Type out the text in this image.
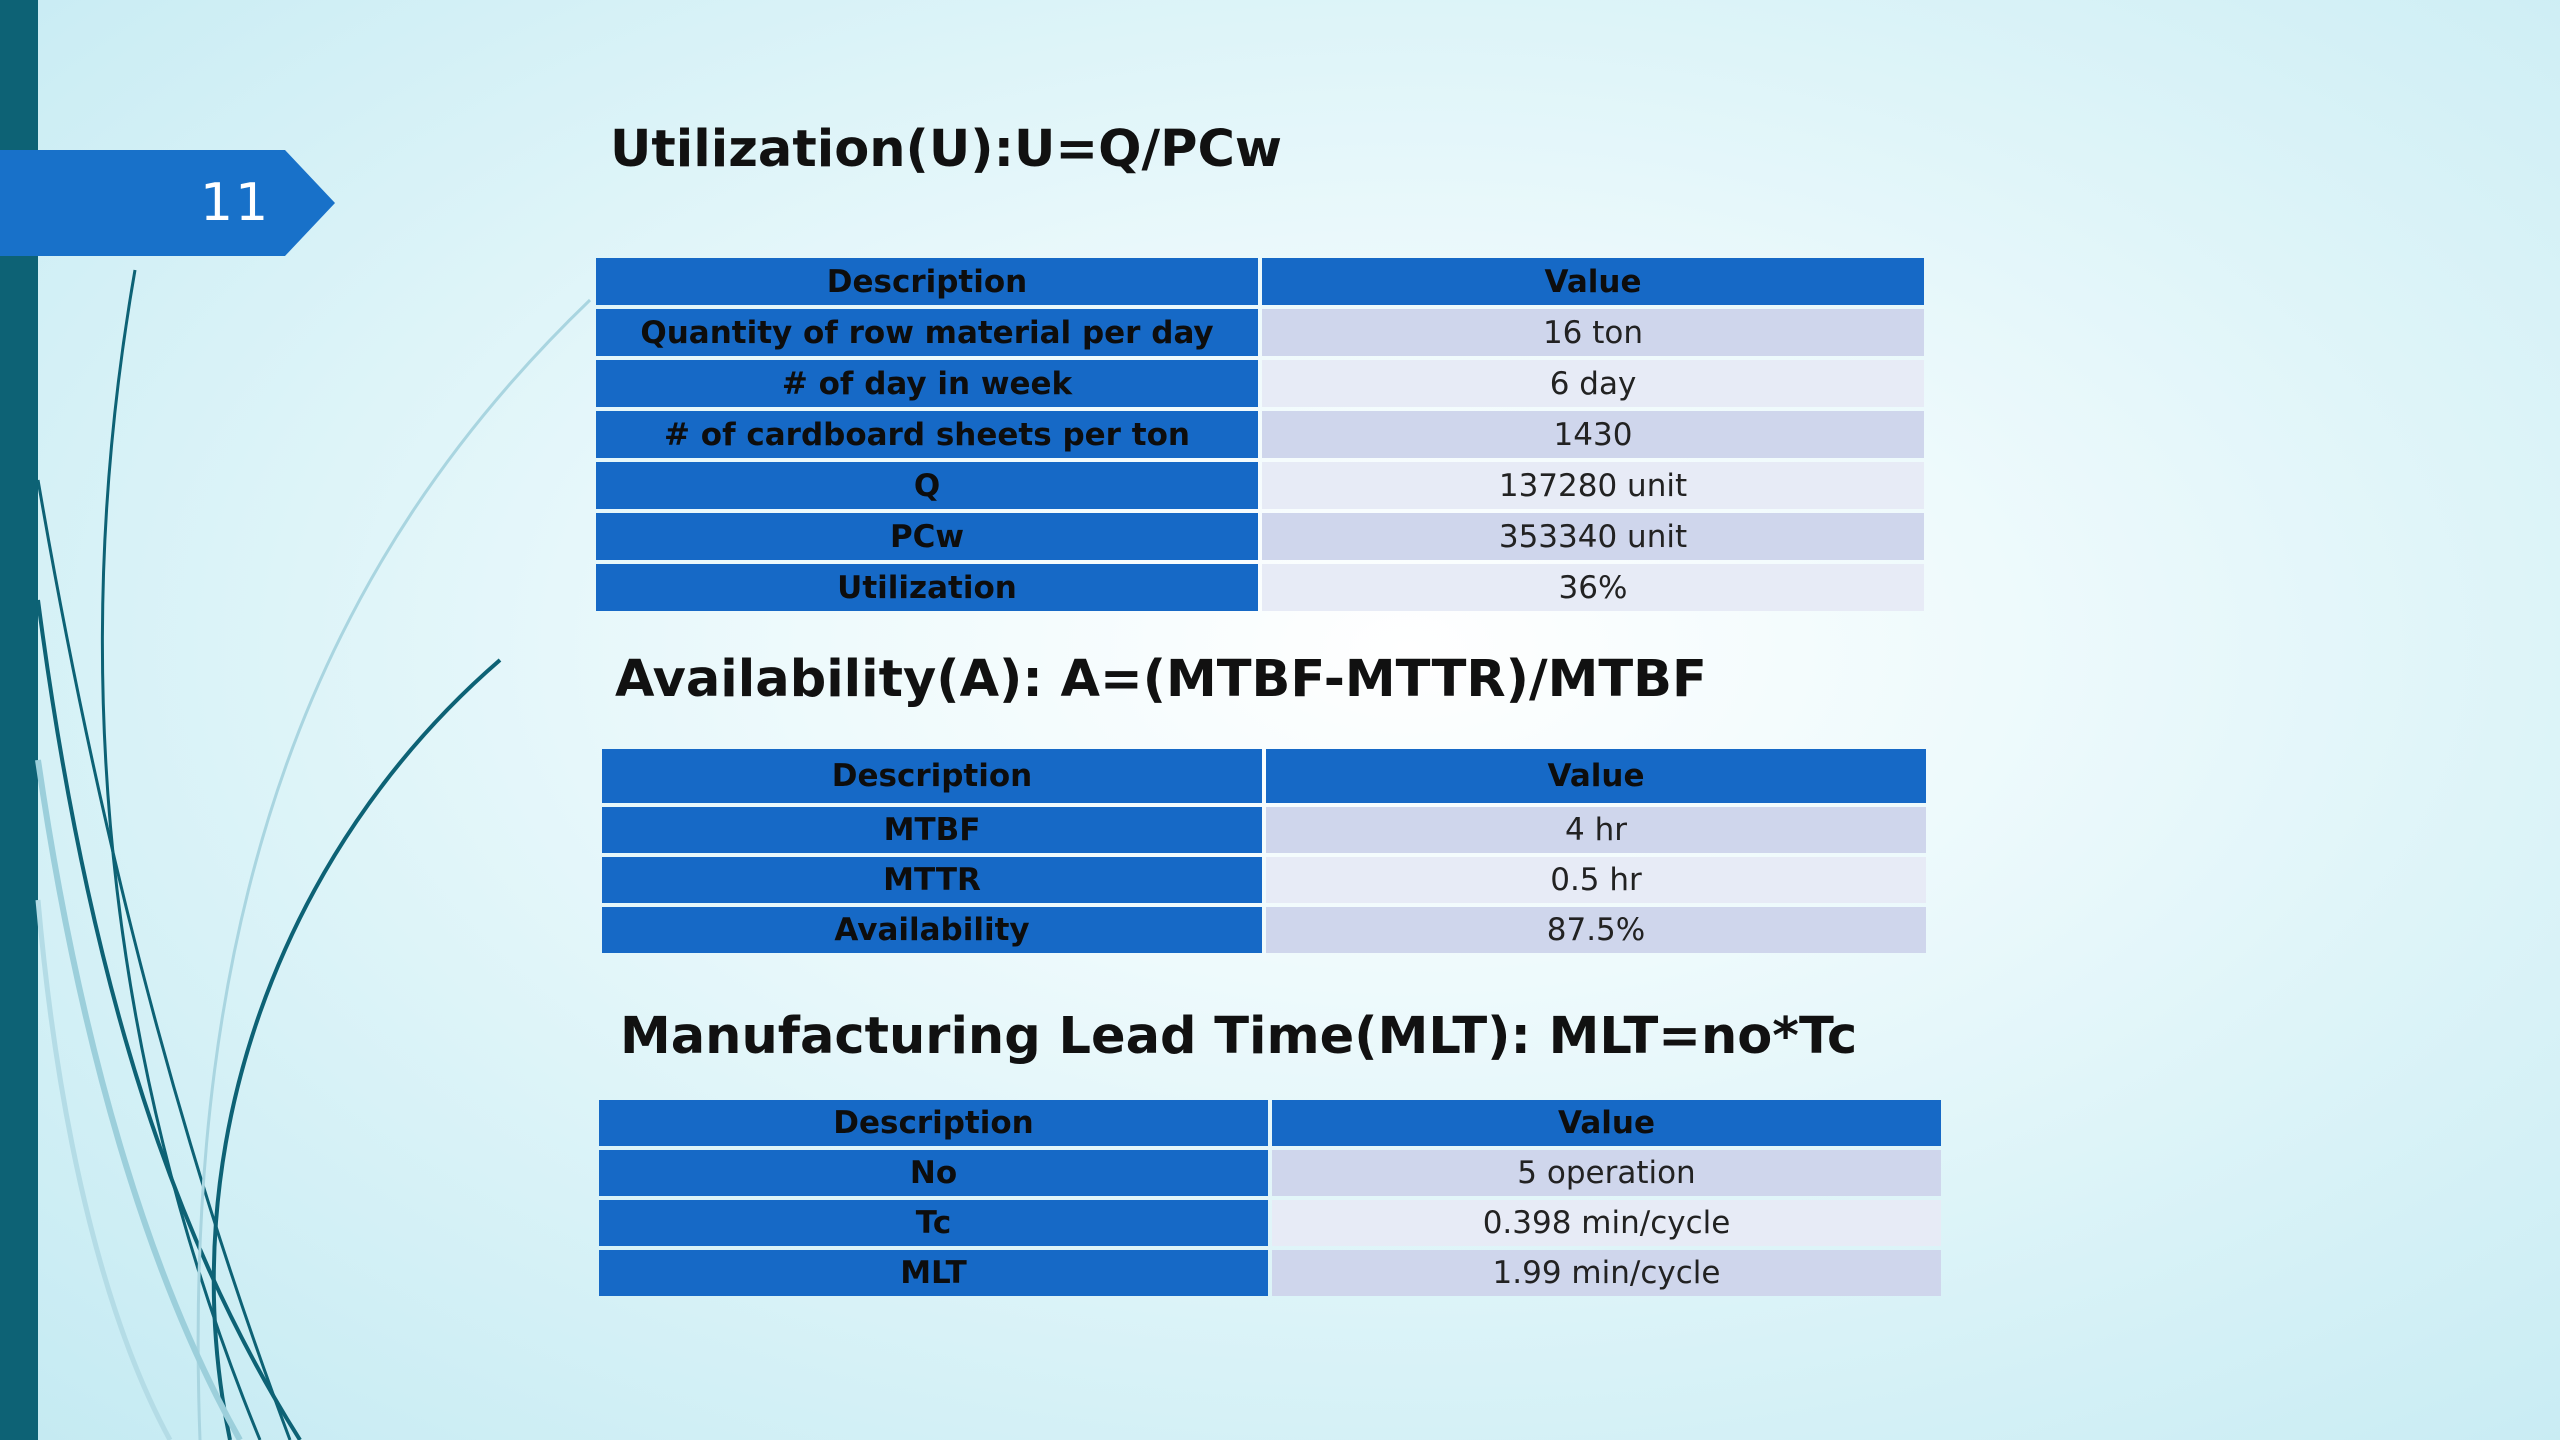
11
Utilization(U):U=Q/PCw
Description	Value
Quantity of row material per day	16 ton
# of day in week	6 day
# of cardboard sheets per ton	1430
Q	137280 unit
PCw	353340 unit
Utilization	36%
Availability(A): A=(MTBF-MTTR)/MTBF
Description	Value
MTBF	4 hr
MTTR	0.5 hr
Availability	87.5%
Manufacturing Lead Time(MLT): MLT=no*Tc
Description	Value
No	5 operation
Tc	0.398 min/cycle
MLT	1.99 min/cycle
